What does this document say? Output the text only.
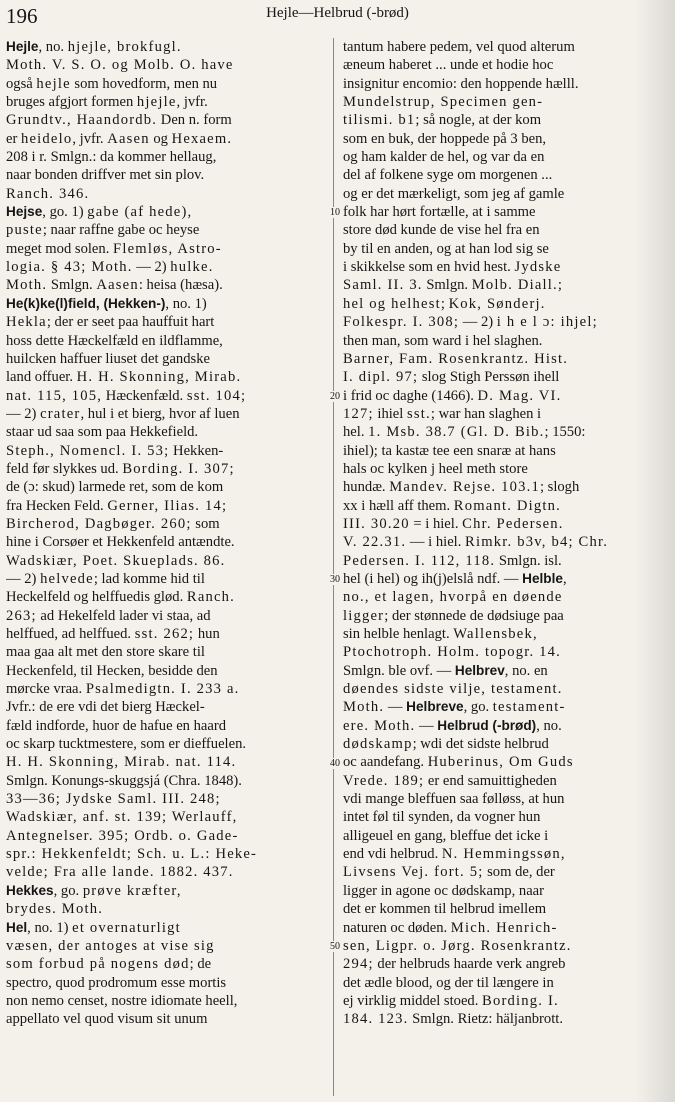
196	Hejle—Helbrud (-brød)
Hejle, no. hjejle, brokfugl.
Moth. V. S. O. og Molb. O. have
også hejle som hovedform, men nu
bruges afgjort formen hjejle, jvfr.
Grundtv., Haandordb. Den n. form
er heidelo, jvfr. Aasen og Hexaem.
208 i r. Smlgn.: da kommer hellaug,
naar bonden driffver met sin plov.
Ranch. 346.
Hejse, go. 1) gabe (af hede),
puste; naar raffne gabe oc heyse
meget mod solen. Flemløs, Astro-
logia. § 43; Moth. — 2) hulke.
Moth. Smlgn. Aasen: heisa (hæsa).
He(k)ke(l)field, (Hekken-), no. 1)
Hekla; der er seet paa hauffuit hart
hoss dette Hæckelfæld en ildflamme,
huilcken haffuer liuset det gandske
land offuer. H. H. Skonning, Mirab.
nat. 115, 105, Hæckenfæld. sst. 104;
— 2) crater, hul i et bierg, hvor af luen
staar ud saa som paa Hekkefield.
Steph., Nomencl. I. 53; Hekken-
feld før slykkes ud. Bording. I. 307;
de (ɔ: skud) larmede ret, som de kom
fra Hecken Feld. Gerner, Ilias. 14;
Bircherod, Dagbøger. 260; som
hine i Corsøer et Hekkenfeld antændte.
Wadskiær, Poet. Skueplads. 86.
— 2) helvede; lad komme hid til
Heckelfeld og helffuedis glød. Ranch.
263; ad Hekelfeld lader vi staa, ad
helffued, ad helffued. sst. 262; hun
maa gaa alt met den store skare til
Heckenfeld, til Hecken, besidde den
mørcke vraa. Psalmedigtn. I. 233 a.
Jvfr.: de ere vdi det bierg Hæckel-
fæld indforde, huor de hafue en haard
oc skarp tucktmestere, som er dieffuelen.
H. H. Skonning, Mirab. nat. 114.
Smlgn. Konungs-skuggsjá (Chra. 1848).
33—36; Jydske Saml. III. 248;
Wadskiær, anf. st. 139; Werlauff,
Antegnelser. 395; Ordb. o. Gade-
spr.: Hekkenfeldt; Sch. u. L.: Heke-
velde; Fra alle lande. 1882. 437.
Hekkes, go. prøve kræfter,
brydes. Moth.
Hel, no. 1) et overnaturligt
væsen, der antoges at vise sig
som forbud på nogens død; de
spectro, quod prodromum esse mortis
non nemo censet, nostre idiomate heell,
appellato vel quod visum sit unum
10
20
30
40
50
tantum habere pedem, vel quod alterum
æneum haberet ... unde et hodie hoc
insignitur encomio: den hoppende hælll.
Mundelstrup, Specimen gen-
tilismi. b1; så nogle, at der kom
som en buk, der hoppede på 3 ben,
og ham kalder de hel, og var da en
del af folkene syge om morgenen ...
og er det mærkeligt, som jeg af gamle
folk har hørt fortælle, at i samme
store død kunde de vise hel fra en
by til en anden, og at han lod sig se
i skikkelse som en hvid hest. Jydske
Saml. II. 3. Smlgn. Molb. Diall.;
hel og helhest; Kok, Sønderj.
Folkespr. I. 308; — 2) i h e l ɔ: ihjel;
then man, som ward i hel slaghen.
Barner, Fam. Rosenkrantz. Hist.
I. dipl. 97; slog Stigh Perssøn ihell
i frid oc daghe (1466). D. Mag. VI.
127; ihiel sst.; war han slaghen i
hel. 1. Msb. 38.7 (Gl. D. Bib.; 1550:
ihiel); ta kastæ tee een snaræ at hans
hals oc kylken j heel meth store
hundæ. Mandev. Rejse. 103.1; slogh
xx i hæll aff them. Romant. Digtn.
III. 30.20 = i hiel. Chr. Pedersen.
V. 22.31. — i hiel. Rimkr. b3v, b4; Chr.
Pedersen. I. 112, 118. Smlgn. isl.
hel (i hel) og ih(j)elslå ndf. — Helble,
no., et lagen, hvorpå en døende
ligger; der stønnede de dødsiuge paa
sin helble henlagt. Wallensbek,
Ptochotroph. Holm. topogr. 14.
Smlgn. ble ovf. — Helbrev, no. en
døendes sidste vilje, testament.
Moth. — Helbreve, go. testament-
ere. Moth. — Helbrud (-brød), no.
dødskamp; wdi det sidste helbrud
oc aandefang. Huberinus, Om Guds
Vrede. 189; er end samuittigheden
vdi mange bleffuen saa følløss, at hun
intet føl til synden, da vogner hun
alligeuel en gang, bleffue det icke i
end vdi helbrud. N. Hemmingssøn,
Livsens Vej. fort. 5; som de, der
ligger in agone oc dødskamp, naar
det er kommen til helbrud imellem
naturen oc døden. Mich. Henrich-
sen, Ligpr. o. Jørg. Rosenkrantz.
294; der helbruds haarde verk angreb
det ædle blood, og der til længere in
ej virklig middel stoed. Bording. I.
184. 123. Smlgn. Rietz: häljanbrott.
